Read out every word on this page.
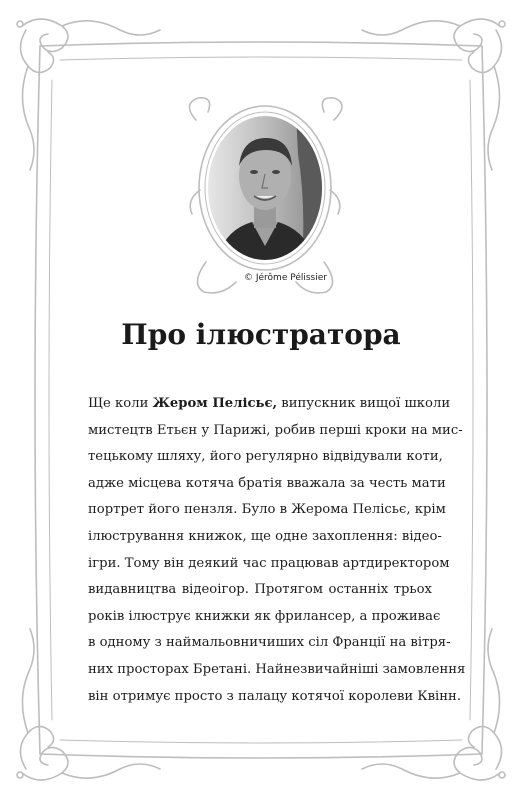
© Jérôme Pélissier
Про ілюстратора
Ще коли Жером Пелісьє, випускник вищої школи
мистецтв Етьєн у Парижі, робив перші кроки на мис-
тецькому шляху, його регулярно відвідували коти,
адже місцева котяча братія вважала за честь мати
портрет його пензля. Було в Жерома Пелісьє, крім
ілюстрування книжок, ще одне захоплення: відео-
ігри. Тому він деякий час працював артдиректором
видавництва відеоігор. Протягом останніх трьох
років ілюструє книжки як фрилансер, а проживає
в одному з наймальовничиших сіл Франції на вітря-
них просторах Бретані. Найнезвичайніші замовлення
він отримує просто з палацу котячої королеви Квінн.
